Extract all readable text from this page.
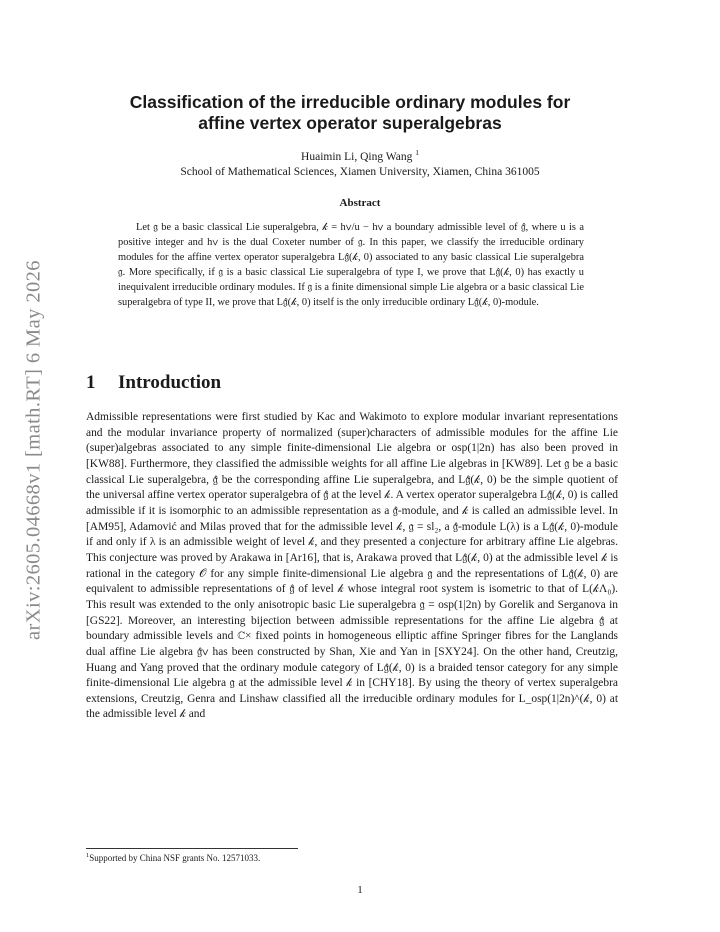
arXiv:2605.04668v1 [math.RT] 6 May 2026
Classification of the irreducible ordinary modules for
affine vertex operator superalgebras
Huaimin Li, Qing Wang $^1$
School of Mathematical Sciences, Xiamen University, Xiamen, China 361005
Abstract

Let 𝔤 be a basic classical Lie superalgebra, 𝓀 = h∨/u − h∨ a boundary admissible level of 𝔤̂, where u is a positive integer and h∨ is the dual Coxeter number of 𝔤. In this paper, we classify the irreducible ordinary modules for the affine vertex operator superalgebra L𝔤̂(𝓀, 0) associated to any basic classical Lie superalgebra 𝔤. More specifically, if 𝔤 is a basic classical Lie superalgebra of type I, we prove that L𝔤̂(𝓀, 0) has exactly u inequivalent irreducible ordinary modules. If 𝔤 is a finite dimensional simple Lie algebra or a basic classical Lie superalgebra of type II, we prove that L𝔤̂(𝓀, 0) itself is the only irreducible ordinary L𝔤̂(𝓀, 0)-module.

1 Introduction

Admissible representations were first studied by Kac and Wakimoto to explore modular invariant representations and the modular invariance property of normalized (super)characters of admissible modules for the affine Lie (super)algebras associated to any simple finite-dimensional Lie algebra or osp(1|2n) has also been proved in [KW88]. Furthermore, they classified the admissible weights for all affine Lie algebras in [KW89]. Let 𝔤 be a basic classical Lie superalgebra, 𝔤̂ be the corresponding affine Lie superalgebra, and L𝔤̂(𝓀, 0) be the simple quotient of the universal affine vertex operator superalgebra of 𝔤̂ at the level 𝓀. A vertex operator superalgebra L𝔤̂(𝓀, 0) is called admissible if it is isomorphic to an admissible representation as a 𝔤̂-module, and 𝓀 is called an admissible level. In [AM95], Adamović and Milas proved that for the admissible level 𝓀, 𝔤 = sl₂, a 𝔤̂-module L(λ) is a L𝔤̂(𝓀, 0)-module if and only if λ is an admissible weight of level 𝓀, and they presented a conjecture for arbitrary affine Lie algebras. This conjecture was proved by Arakawa in [Ar16], that is, Arakawa proved that L𝔤̂(𝓀, 0) at the admissible level 𝓀 is rational in the category 𝒪 for any simple finite-dimensional Lie algebra 𝔤 and the representations of L𝔤̂(𝓀, 0) are equivalent to admissible representations of 𝔤̂ of level 𝓀 whose integral root system is isometric to that of L(𝓀Λ₀). This result was extended to the only anisotropic basic Lie superalgebra 𝔤 = osp(1|2n) by Gorelik and Serganova in [GS22]. Moreover, an interesting bijection between admissible representations for the affine Lie algebra 𝔤̂ at boundary admissible levels and ℂ× fixed points in homogeneous elliptic affine Springer fibres for the Langlands dual affine Lie algebra 𝔤̂∨ has been constructed by Shan, Xie and Yan in [SXY24]. On the other hand, Creutzig, Huang and Yang proved that the ordinary module category of L𝔤̂(𝓀, 0) is a braided tensor category for any simple finite-dimensional Lie algebra 𝔤 at the admissible level 𝓀 in [CHY18]. By using the theory of vertex superalgebra extensions, Creutzig, Genra and Linshaw classified all the irreducible ordinary modules for L_osp(1|2n)^(𝓀, 0) at the admissible level 𝓀 and

$^1$Supported by China NSF grants No. 12571033.
1
